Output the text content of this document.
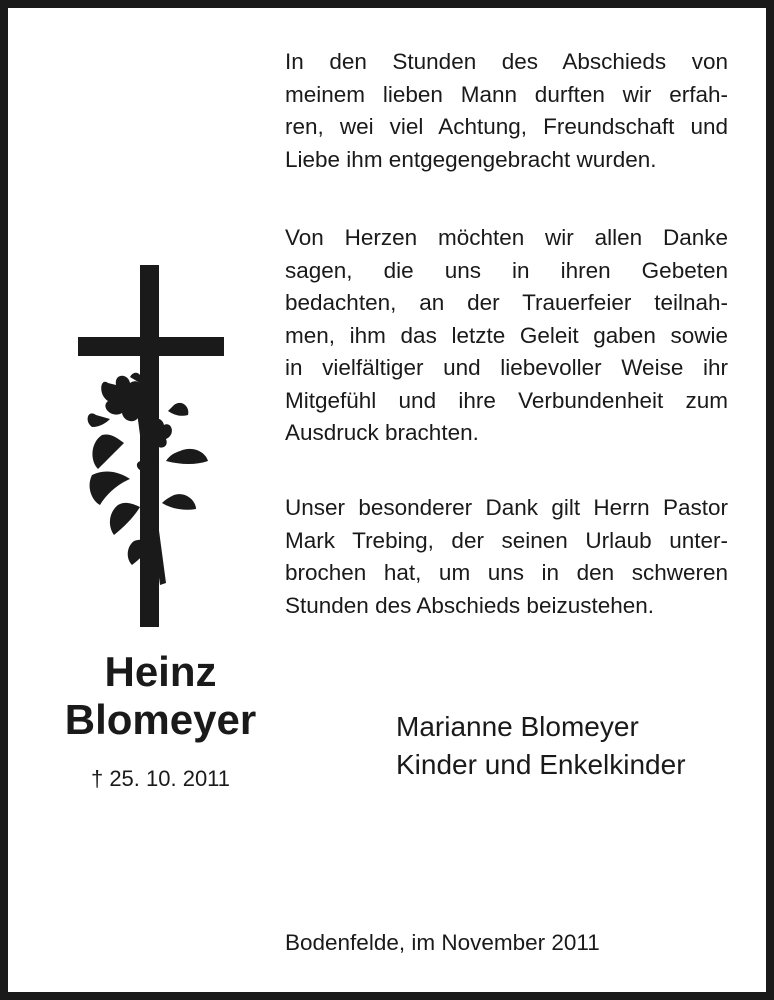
In den Stunden des Abschieds von
meinem lieben Mann durften wir erfah-
ren, wei viel Achtung, Freundschaft und
Liebe ihm entgegengebracht wurden.

Von Herzen möchten wir allen Danke
sagen, die uns in ihren Gebeten
bedachten, an der Trauerfeier teilnah-
men, ihm das letzte Geleit gaben sowie
in vielfältiger und liebevoller Weise ihr
Mitgefühl und ihre Verbundenheit zum
Ausdruck brachten.

Unser besonderer Dank gilt Herrn Pastor
Mark Trebing, der seinen Urlaub unter-
brochen hat, um uns in den schweren
Stunden des Abschieds beizustehen.

Heinz
Blomeyer
† 25. 10. 2011
Marianne Blomeyer
Kinder und Enkelkinder
Bodenfelde, im November 2011
